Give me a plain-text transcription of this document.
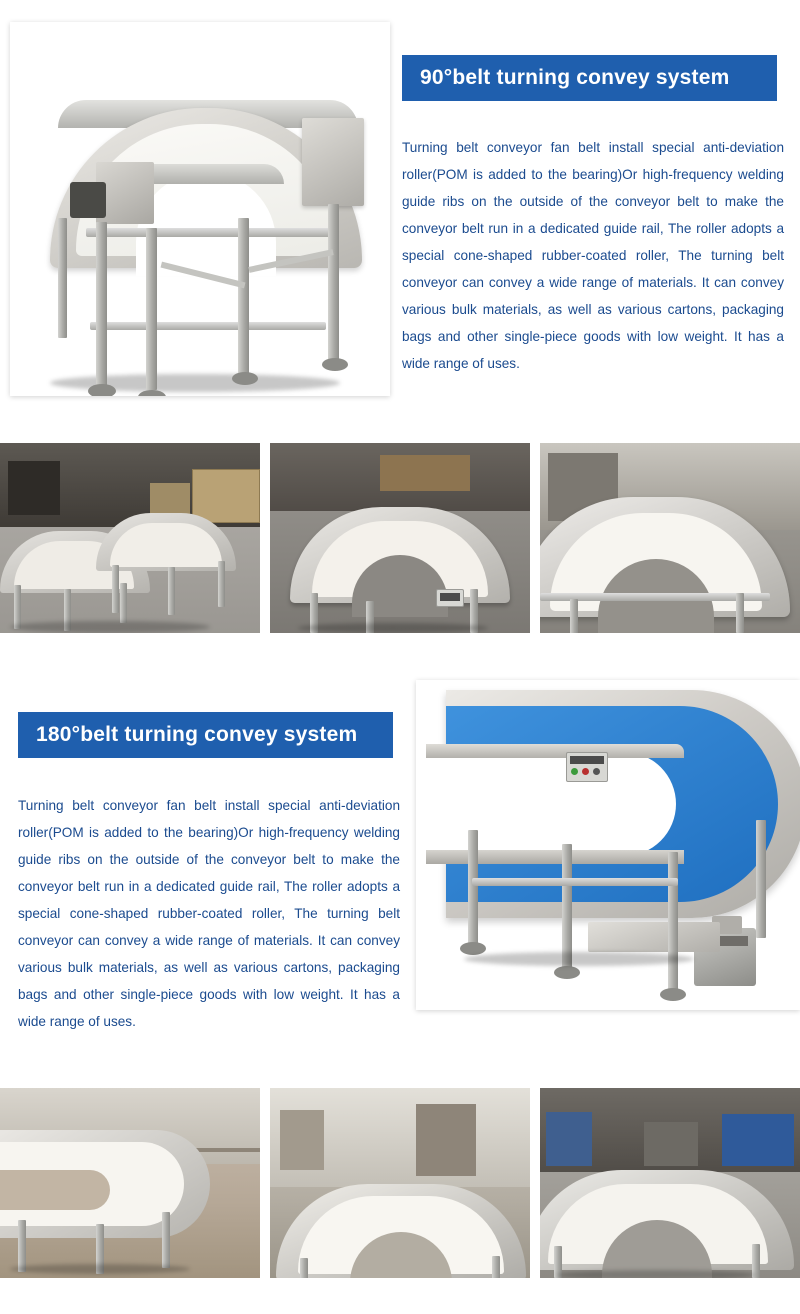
90°belt turning convey system

Turning belt conveyor fan belt install special anti-deviation roller(POM is added to the bearing)Or high-frequency welding guide ribs on the outside of the conveyor belt to make the conveyor belt run in a dedicated guide rail, The roller adopts a special cone-shaped rubber-coated roller, The turning belt conveyor can convey a wide range of materials. It can convey various bulk materials, as well as various cartons, packaging bags and other single-piece goods with low weight. It has a wide range of uses.

180°belt turning convey system

Turning belt conveyor fan belt install special anti-deviation roller(POM is added to the bearing)Or high-frequency welding guide ribs on the outside of the conveyor belt to make the conveyor belt run in a dedicated guide rail, The roller adopts a special cone-shaped rubber-coated roller, The turning belt conveyor can convey a wide range of materials. It can convey various bulk materials, as well as various cartons, packaging bags and other single-piece goods with low weight. It has a wide range of uses.
